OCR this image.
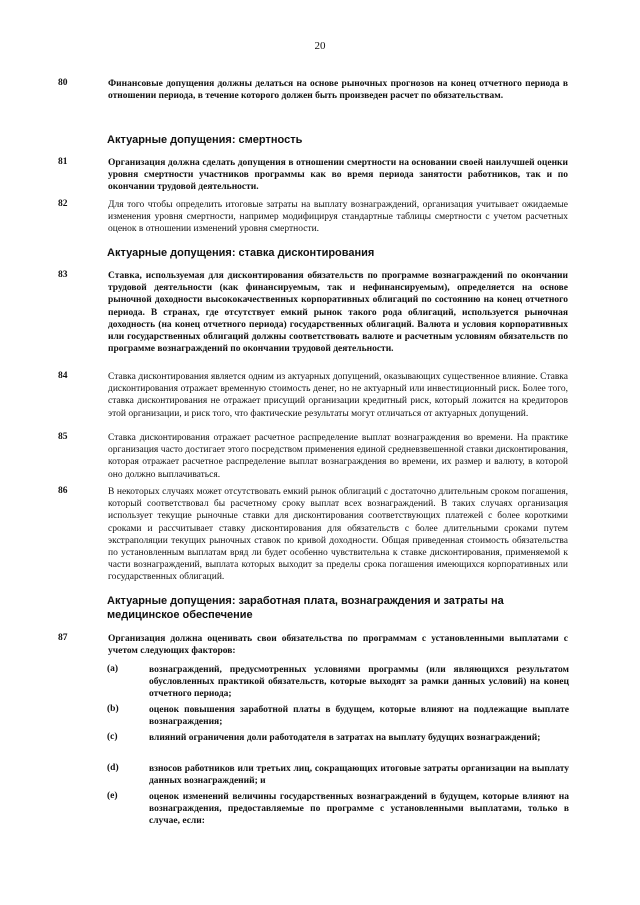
20
80	Финансовые допущения должны делаться на основе рыночных прогнозов на конец отчетного периода в отношении периода, в течение которого должен быть произведен расчет по обязательствам.
Актуарные допущения: смертность
81	Организация должна сделать допущения в отношении смертности на основании своей наилучшей оценки уровня смертности участников программы как во время периода занятости работников, так и по окончании трудовой деятельности.
82	Для того чтобы определить итоговые затраты на выплату вознаграждений, организация учитывает ожидаемые изменения уровня смертности, например модифицируя стандартные таблицы смертности с учетом расчетных оценок в отношении изменений уровня смертности.
Актуарные допущения: ставка дисконтирования
83	Ставка, используемая для дисконтирования обязательств по программе вознаграждений по окончании трудовой деятельности (как финансируемым, так и нефинансируемым), определяется на основе рыночной доходности высококачественных корпоративных облигаций по состоянию на конец отчетного периода. В странах, где отсутствует емкий рынок такого рода облигаций, используется рыночная доходность (на конец отчетного периода) государственных облигаций. Валюта и условия корпоративных или государственных облигаций должны соответствовать валюте и расчетным условиям обязательств по программе вознаграждений по окончании трудовой деятельности.
84	Ставка дисконтирования является одним из актуарных допущений, оказывающих существенное влияние. Ставка дисконтирования отражает временную стоимость денег, но не актуарный или инвестиционный риск. Более того, ставка дисконтирования не отражает присущий организации кредитный риск, который ложится на кредиторов этой организации, и риск того, что фактические результаты могут отличаться от актуарных допущений.
85	Ставка дисконтирования отражает расчетное распределение выплат вознаграждения во времени. На практике организация часто достигает этого посредством применения единой средневзвешенной ставки дисконтирования, которая отражает расчетное распределение выплат вознаграждения во времени, их размер и валюту, в которой оно должно выплачиваться.
86	В некоторых случаях может отсутствовать емкий рынок облигаций с достаточно длительным сроком погашения, который соответствовал бы расчетному сроку выплат всех вознаграждений. В таких случаях организация использует текущие рыночные ставки для дисконтирования соответствующих платежей с более короткими сроками и рассчитывает ставку дисконтирования для обязательств с более длительными сроками путем экстраполяции текущих рыночных ставок по кривой доходности. Общая приведенная стоимость обязательства по установленным выплатам вряд ли будет особенно чувствительна к ставке дисконтирования, применяемой к части вознаграждений, выплата которых выходит за пределы срока погашения имеющихся корпоративных или государственных облигаций.
Актуарные допущения: заработная плата, вознаграждения и затраты на медицинское обеспечение
87	Организация должна оценивать свои обязательства по программам с установленными выплатами с учетом следующих факторов:
(a)	вознаграждений, предусмотренных условиями программы (или являющихся результатом обусловленных практикой обязательств, которые выходят за рамки данных условий) на конец отчетного периода;
(b)	оценок повышения заработной платы в будущем, которые влияют на подлежащие выплате вознаграждения;
(c)	влияний ограничения доли работодателя в затратах на выплату будущих вознаграждений;
(d)	взносов работников или третьих лиц, сокращающих итоговые затраты организации на выплату данных вознаграждений; и
(e)	оценок изменений величины государственных вознаграждений в будущем, которые влияют на вознаграждения, предоставляемые по программе с установленными выплатами, только в случае, если:
